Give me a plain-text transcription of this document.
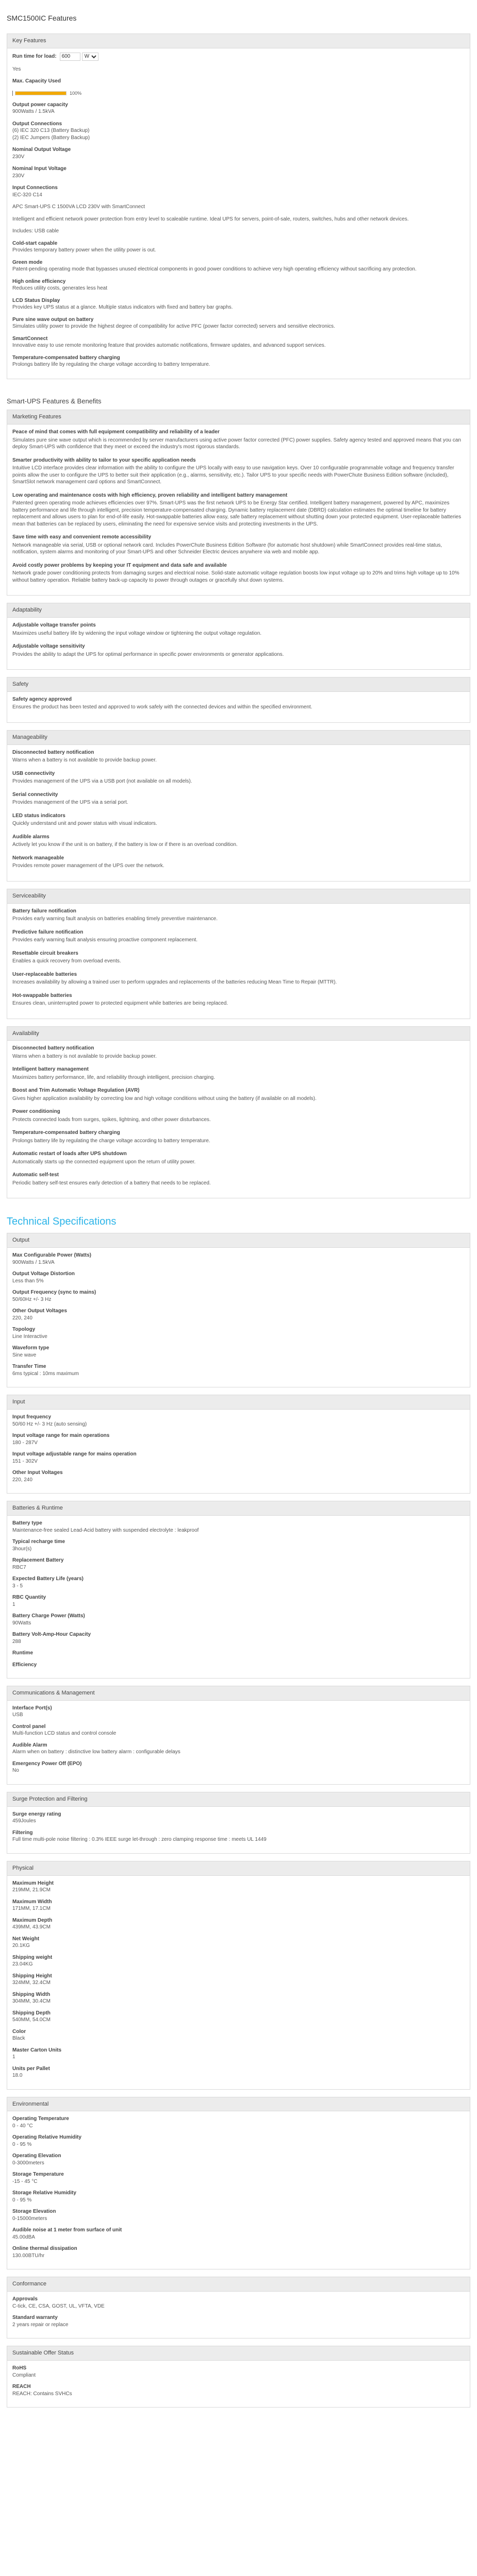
SMC1500IC Features
Key Features
Run time for load:
600
W
Yes
Max. Capacity Used
100%
Output power capacity
900Watts / 1.5kVA
Output Connections
(6) IEC 320 C13 (Battery Backup)
(2) IEC Jumpers (Battery Backup)
Nominal Output Voltage
230V
Nominal Input Voltage
230V
Input Connections
IEC-320 C14
APC Smart-UPS C 1500VA LCD 230V with SmartConnect
Intelligent and efficient network power protection from entry level to scaleable runtime. Ideal UPS for servers, point-of-sale, routers, switches, hubs and other network devices.
Includes: USB cable
Cold-start capable
Provides temporary battery power when the utility power is out.
Green mode
Patent-pending operating mode that bypasses unused electrical components in good power conditions to achieve very high operating efficiency without sacrificing any protection.
High online efficiency
Reduces utility costs, generates less heat
LCD Status Display
Provides key UPS status at a glance. Multiple status indicators with fixed and battery bar graphs.
Pure sine wave output on battery
Simulates utility power to provide the highest degree of compatibility for active PFC (power factor corrected) servers and sensitive electronics.
SmartConnect
Innovative easy to use remote monitoring feature that provides automatic notifications, firmware updates, and advanced support services.
Temperature-compensated battery charging
Prolongs battery life by regulating the charge voltage according to battery temperature.
Smart-UPS Features & Benefits
Marketing Features
Peace of mind that comes with full equipment compatibility and reliability of a leader
Simulates pure sine wave output which is recommended by server manufacturers using active power factor corrected (PFC) power supplies. Safety agency tested and approved means that you can deploy Smart-UPS with confidence that they meet or exceed the industry's most rigorous standards.
Smarter productivity with ability to tailor to your specific application needs
Intuitive LCD interface provides clear information with the ability to configure the UPS locally with easy to use navigation keys. Over 10 configurable programmable voltage and frequency transfer points allow the user to configure the UPS to better suit their application (e.g., alarms, sensitivity, etc.). Tailor UPS to your specific needs with PowerChute Business Edition software (included), SmartSlot network management card options and SmartConnect.
Low operating and maintenance costs with high efficiency, proven reliability and intelligent battery management
Patented green operating mode achieves efficiencies over 97%. Smart-UPS was the first network UPS to be Energy Star certified. Intelligent battery management, powered by APC, maximizes battery performance and life through intelligent, precision temperature-compensated charging. Dynamic battery replacement date (DBRD) calculation estimates the optimal timeline for battery replacement and allows users to plan for end-of-life easily. Hot-swappable batteries allow easy, safe battery replacement without shutting down your protected equipment. User-replaceable batteries mean that batteries can be replaced by users, eliminating the need for expensive service visits and protecting investments in the UPS.
Save time with easy and convenient remote accessibility
Network manageable via serial, USB or optional network card. Includes PowerChute Business Edition Software (for automatic host shutdown) while SmartConnect provides real-time status, notification, system alarms and monitoring of your Smart-UPS and other Schneider Electric devices anywhere via web and mobile app.
Avoid costly power problems by keeping your IT equipment and data safe and available
Network grade power conditioning protects from damaging surges and electrical noise. Solid-state automatic voltage regulation boosts low input voltage up to 20% and trims high voltage up to 10% without battery operation. Reliable battery back-up capacity to power through outages or gracefully shut down systems.
Adaptability
Adjustable voltage transfer points
Maximizes useful battery life by widening the input voltage window or tightening the output voltage regulation.
Adjustable voltage sensitivity
Provides the ability to adapt the UPS for optimal performance in specific power environments or generator applications.
Safety
Safety agency approved
Ensures the product has been tested and approved to work safely with the connected devices and within the specified environment.
Manageability
Disconnected battery notification
Warns when a battery is not available to provide backup power.
USB connectivity
Provides management of the UPS via a USB port (not available on all models).
Serial connectivity
Provides management of the UPS via a serial port.
LED status indicators
Quickly understand unit and power status with visual indicators.
Audible alarms
Actively let you know if the unit is on battery, if the battery is low or if there is an overload condition.
Network manageable
Provides remote power management of the UPS over the network.
Serviceability
Battery failure notification
Provides early warning fault analysis on batteries enabling timely preventive maintenance.
Predictive failure notification
Provides early warning fault analysis ensuring proactive component replacement.
Resettable circuit breakers
Enables a quick recovery from overload events.
User-replaceable batteries
Increases availability by allowing a trained user to perform upgrades and replacements of the batteries reducing Mean Time to Repair (MTTR).
Hot-swappable batteries
Ensures clean, uninterrupted power to protected equipment while batteries are being replaced.
Availability
Disconnected battery notification
Warns when a battery is not available to provide backup power.
Intelligent battery management
Maximizes battery performance, life, and reliability through intelligent, precision charging.
Boost and Trim Automatic Voltage Regulation (AVR)
Gives higher application availability by correcting low and high voltage conditions without using the battery (if available on all models).
Power conditioning
Protects connected loads from surges, spikes, lightning, and other power disturbances.
Temperature-compensated battery charging
Prolongs battery life by regulating the charge voltage according to battery temperature.
Automatic restart of loads after UPS shutdown
Automatically starts up the connected equipment upon the return of utility power.
Automatic self-test
Periodic battery self-test ensures early detection of a battery that needs to be replaced.
Technical Specifications
Output
Max Configurable Power (Watts)
900Watts / 1.5kVA
Output Voltage Distortion
Less than 5%
Output Frequency (sync to mains)
50/60Hz +/- 3 Hz
Other Output Voltages
220, 240
Topology
Line Interactive
Waveform type
Sine wave
Transfer Time
6ms typical : 10ms maximum
Input
Input frequency
50/60 Hz +/- 3 Hz (auto sensing)
Input voltage range for main operations
180 - 287V
Input voltage adjustable range for mains operation
151 - 302V
Other Input Voltages
220, 240
Batteries & Runtime
Battery type
Maintenance-free sealed Lead-Acid battery with suspended electrolyte : leakproof
Typical recharge time
3hour(s)
Replacement Battery
RBC7
Expected Battery Life (years)
3 - 5
RBC Quantity
1
Battery Charge Power (Watts)
90Watts
Battery Volt-Amp-Hour Capacity
288
Runtime
Efficiency
Communications & Management
Interface Port(s)
USB
Control panel
Multi-function LCD status and control console
Audible Alarm
Alarm when on battery : distinctive low battery alarm : configurable delays
Emergency Power Off (EPO)
No
Surge Protection and Filtering
Surge energy rating
459Joules
Filtering
Full time multi-pole noise filtering : 0.3% IEEE surge let-through : zero clamping response time : meets UL 1449
Physical
Maximum Height
219MM, 21.9CM
Maximum Width
171MM, 17.1CM
Maximum Depth
439MM, 43.9CM
Net Weight
20.1KG
Shipping weight
23.04KG
Shipping Height
324MM, 32.4CM
Shipping Width
304MM, 30.4CM
Shipping Depth
540MM, 54.0CM
Color
Black
Master Carton Units
1
Units per Pallet
18.0
Environmental
Operating Temperature
0 - 40 °C
Operating Relative Humidity
0 - 95 %
Operating Elevation
0-3000meters
Storage Temperature
-15 - 45 °C
Storage Relative Humidity
0 - 95 %
Storage Elevation
0-15000meters
Audible noise at 1 meter from surface of unit
45.00dBA
Online thermal dissipation
130.00BTU/hr
Conformance
Approvals
C-tick, CE, CSA, GOST, UL, VFTA, VDE
Standard warranty
2 years repair or replace
Sustainable Offer Status
RoHS
Compliant
REACH
REACH: Contains SVHCs
